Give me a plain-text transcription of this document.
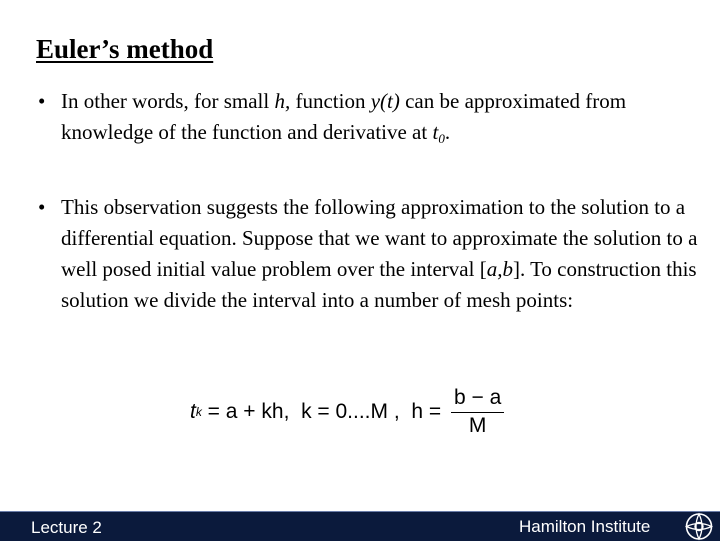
Euler’s method
• In other words, for small h, function y(t) can be approximated from knowledge of the function and derivative at $t_0$.
• This observation suggests the following approximation to the solution to a differential equation. Suppose that we want to approximate the solution to a well posed initial value problem over the interval [a,b]. To construction this solution we divide the interval into a number of mesh points:
t k = a + kh,  k = 0....M ,  $h = \frac{b - a}{M}$
Lecture 2	Hamilton Institute
